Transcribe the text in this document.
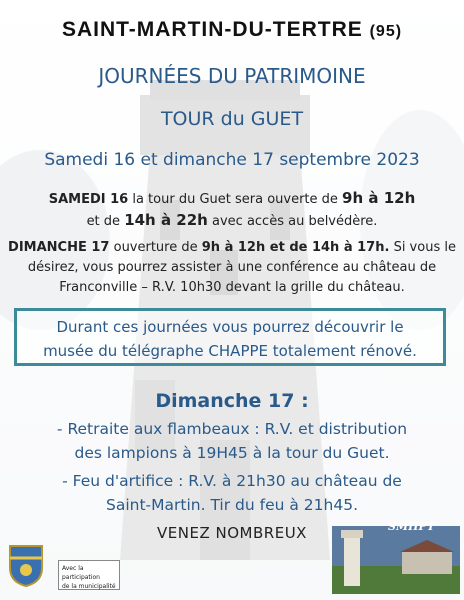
SAINT-MARTIN-DU-TERTRE (95)
JOURNÉES DU PATRIMOINE
TOUR du GUET
Samedi 16 et dimanche 17 septembre 2023
SAMEDI 16 la tour du Guet sera ouverte de 9h à 12h
et de 14h à 22h avec accès au belvédère.
DIMANCHE 17 ouverture de 9h à 12h et de 14h à 17h. Si vous le
désirez, vous pourrez assister à une conférence au château de
Franconville – R.V. 10h30 devant la grille du château.
Durant ces journées vous pourrez découvrir le
musée du télégraphe CHAPPE totalement rénové.
Dimanche 17 :
- Retraite aux flambeaux : R.V. et distribution
des lampions à 19H45 à la tour du Guet.
- Feu d'artifice : R.V. à 21h30 au château de
Saint-Martin. Tir du feu à 21h45.
VENEZ NOMBREUX
Avec la participation
de la municipalité
SMHPT
